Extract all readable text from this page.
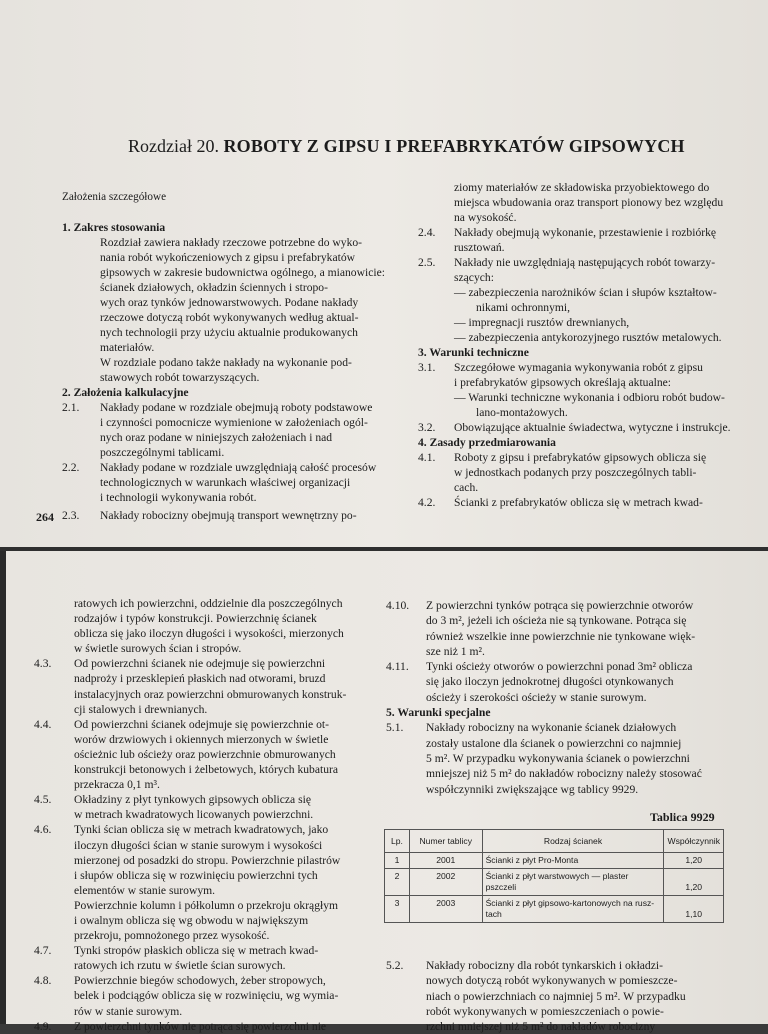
Rozdział 20. ROBOTY Z GIPSU I PREFABRYKATÓW GIPSOWYCH
Założenia szczegółowe
1. Zakres stosowania
Rozdział zawiera nakłady rzeczowe potrzebne do wyko-
nania robót wykończeniowych z gipsu i prefabrykatów
gipsowych w zakresie budownictwa ogólnego, a mianowicie: ścianek działowych, okładzin ściennych i stropo-
wych oraz tynków jednowarstwowych. Podane nakłady
rzeczowe dotyczą robót wykonywanych według aktual-
nych technologii przy użyciu aktualnie produkowanych
materiałów.
W rozdziale podano także nakłady na wykonanie pod-
stawowych robót towarzyszących.
2. Założenia kalkulacyjne
2.1. Nakłady podane w rozdziale obejmują roboty podstawowe
i czynności pomocnicze wymienione w założeniach ogól-
nych oraz podane w niniejszych założeniach i nad
poszczególnymi tablicami.
2.2. Nakłady podane w rozdziale uwzględniają całość procesów
technologicznych w warunkach właściwej organizacji
i technologii wykonywania robót.
2.3. Nakłady robocizny obejmują transport wewnętrzny po-
264
ziomy materiałów ze składowiska przyobiektowego do
miejsca wbudowania oraz transport pionowy bez względu
na wysokość.
2.4. Nakłady obejmują wykonanie, przestawienie i rozbiórkę
rusztowań.
2.5. Nakłady nie uwzględniają następujących robót towarzy-
szących:
— zabezpieczenia narożników ścian i słupów kształtow-
nikami ochronnymi,
— impregnacji rusztów drewnianych,
— zabezpieczenia antykorozyjnego rusztów metalowych.
3. Warunki techniczne
3.1. Szczegółowe wymagania wykonywania robót z gipsu
i prefabrykatów gipsowych określają aktualne:
— Warunki techniczne wykonania i odbioru robót budow-
lano-montażowych.
3.2. Obowiązujące aktualnie świadectwa, wytyczne i instrukcje.
4. Zasady przedmiarowania
4.1. Roboty z gipsu i prefabrykatów gipsowych oblicza się
w jednostkach podanych przy poszczególnych tabli-
cach.
4.2. Ścianki z prefabrykatów oblicza się w metrach kwad-
ratowych ich powierzchni, oddzielnie dla poszczególnych
rodzajów i typów konstrukcji. Powierzchnię ścianek
oblicza się jako iloczyn długości i wysokości, mierzonych
w świetle surowych ścian i stropów.
4.3. Od powierzchni ścianek nie odejmuje się powierzchni
nadproży i przesklepień płaskich nad otworami, bruzd
instalacyjnych oraz powierzchni obmurowanych konstruk-
cji stalowych i drewnianych.
4.4. Od powierzchni ścianek odejmuje się powierzchnie ot-
worów drzwiowych i okiennych mierzonych w świetle
ościeżnic lub ościeży oraz powierzchnie obmurowanych
konstrukcji betonowych i żelbetowych, których kubatura
przekracza 0,1 m³.
4.5. Okładziny z płyt tynkowych gipsowych oblicza się
w metrach kwadratowych licowanych powierzchni.
4.6. Tynki ścian oblicza się w metrach kwadratowych, jako
iloczyn długości ścian w stanie surowym i wysokości
mierzonej od posadzki do stropu. Powierzchnie pilastrów
i słupów oblicza się w rozwinięciu powierzchni tych
elementów w stanie surowym.
Powierzchnie kolumn i półkolumn o przekroju okrągłym
i owalnym oblicza się wg obwodu w największym
przekroju, pomnożonego przez wysokość.
4.7. Tynki stropów płaskich oblicza się w metrach kwad-
ratowych ich rzutu w świetle ścian surowych.
4.8. Powierzchnie biegów schodowych, żeber stropowych,
belek i podciągów oblicza się w rozwinięciu, wg wymia-
rów w stanie surowym.
4.9. Z powierzchni tynków nie potrąca się powierzchni nie
4.10. Z powierzchni tynków potrąca się powierzchnie otworów
do 3 m², jeżeli ich ościeża nie są tynkowane. Potrąca się
również wszelkie inne powierzchnie nie tynkowane więk-
sze niż 1 m².
4.11. Tynki ościeży otworów o powierzchni ponad 3m² oblicza
się jako iloczyn jednokrotnej długości otynkowanych
ościeży i szerokości ościeży w stanie surowym.
5. Warunki specjalne
5.1. Nakłady robocizny na wykonanie ścianek działowych
zostały ustalone dla ścianek o powierzchni co najmniej
5 m². W przypadku wykonywania ścianek o powierzchni
mniejszej niż 5 m² do nakładów robocizny należy stosować
współczynniki zwiększające wg tablicy 9929.
Tablica 9929
Lp.	Numer tablicy	Rodzaj ścianek	Współczynnik
1	2001	Ścianki z płyt Pro-Monta	1,20
2	2002	Ścianki z płyt warstwowych — plaster pszczeli	1,20
3	2003	Ścianki z płyt gipsowo-kartonowych na rusz-tach	1,10
5.2. Nakłady robocizny dla robót tynkarskich i okładzi-
nowych dotyczą robót wykonywanych w pomieszcze-
niach o powierzchniach co najmniej 5 m². W przypadku
robót wykonywanych w pomieszczeniach o powie-
rzchni mniejszej niż 5 m² do nakładów robocizny
